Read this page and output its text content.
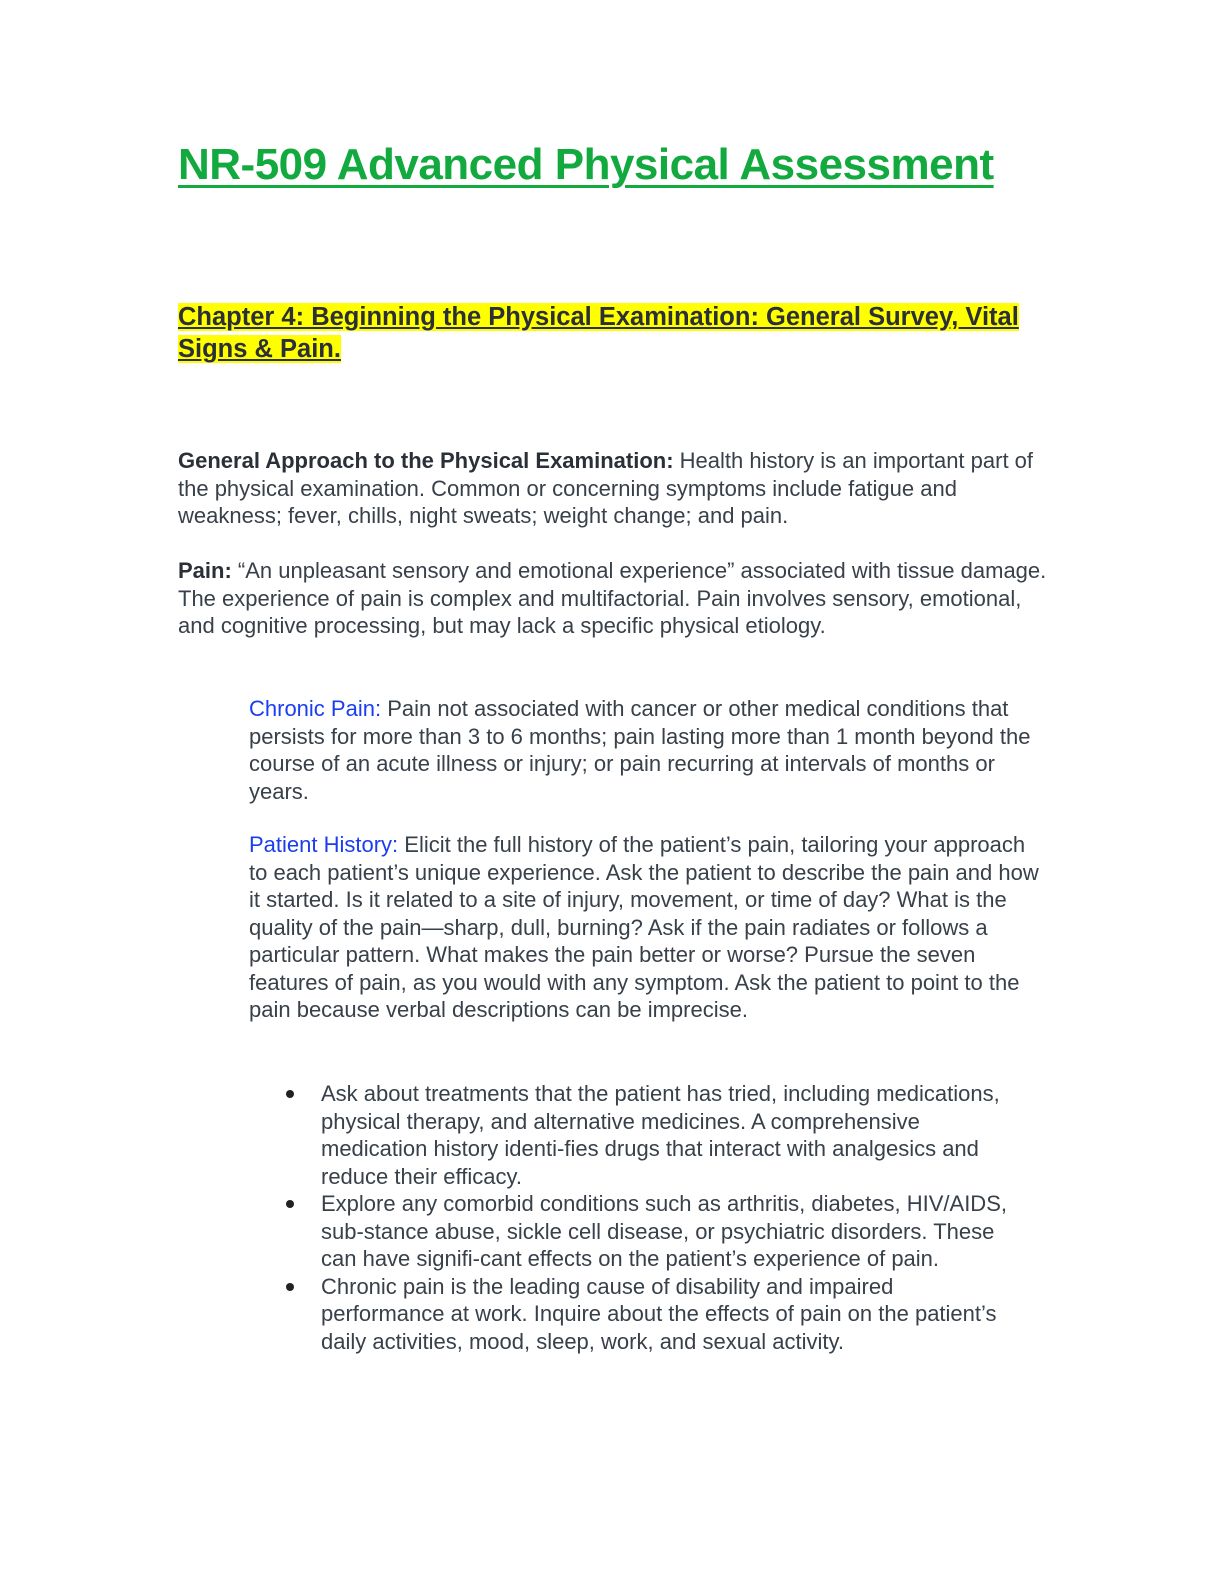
NR-509 Advanced Physical Assessment
Chapter 4: Beginning the Physical Examination: General Survey, Vital Signs & Pain.

General Approach to the Physical Examination: Health history is an important part of the physical examination. Common or concerning symptoms include fatigue and weakness; fever, chills, night sweats; weight change; and pain.

Pain: “An unpleasant sensory and emotional experience” associated with tissue damage. The experience of pain is complex and multifactorial. Pain involves sensory, emotional, and cognitive processing, but may lack a specific physical etiology.

Chronic Pain: Pain not associated with cancer or other medical conditions that persists for more than 3 to 6 months; pain lasting more than 1 month beyond the course of an acute illness or injury; or pain recurring at intervals of months or years.

Patient History: Elicit the full history of the patient’s pain, tailoring your approach to each patient’s unique experience. Ask the patient to describe the pain and how it started. Is it related to a site of injury, movement, or time of day? What is the quality of the pain—sharp, dull, burning? Ask if the pain radiates or follows a particular pattern. What makes the pain better or worse? Pursue the seven features of pain, as you would with any symptom. Ask the patient to point to the pain because verbal descriptions can be imprecise.

Ask about treatments that the patient has tried, including medications, physical therapy, and alternative medicines. A comprehensive medication history identi-fies drugs that interact with analgesics and reduce their efficacy.
Explore any comorbid conditions such as arthritis, diabetes, HIV/AIDS, sub-stance abuse, sickle cell disease, or psychiatric disorders. These can have signifi-cant effects on the patient’s experience of pain.
Chronic pain is the leading cause of disability and impaired performance at work. Inquire about the effects of pain on the patient’s daily activities, mood, sleep, work, and sexual activity.
